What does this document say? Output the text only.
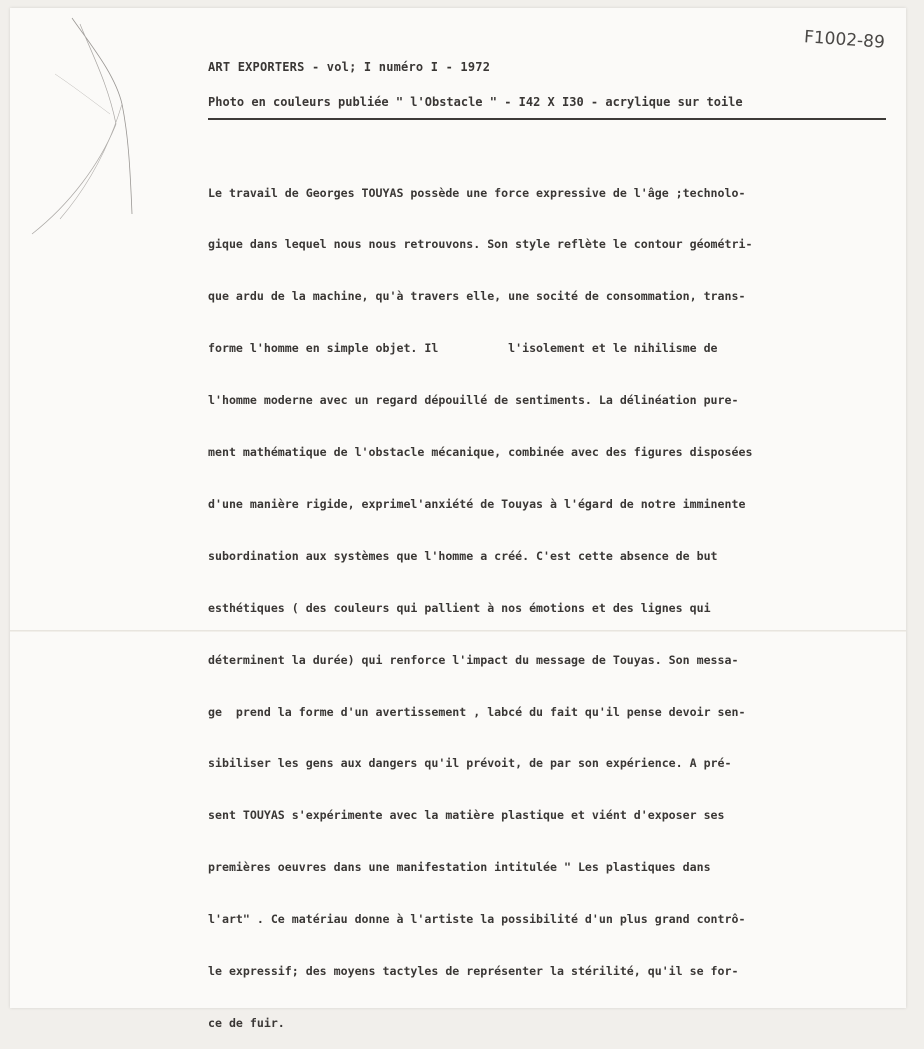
F1002-89
ART EXPORTERS - vol; I numéro I - 1972
Photo en couleurs publiée " l'Obstacle " - I42 X I30 - acrylique sur toile

Le travail de Georges TOUYAS possède une force expressive de l'âge ;technolo-

gique dans lequel nous nous retrouvons. Son style reflète le contour géométri-

que ardu de la machine, qu'à travers elle, une socité de consommation, trans-

forme l'homme en simple objet. Il          l'isolement et le nihilisme de

l'homme moderne avec un regard dépouillé de sentiments. La délinéation pure-

ment mathématique de l'obstacle mécanique, combinée avec des figures disposées

d'une manière rigide, exprimel'anxiété de Touyas à l'égard de notre imminente

subordination aux systèmes que l'homme a créé. C'est cette absence de but

esthétiques ( des couleurs qui pallient à nos émotions et des lignes qui

déterminent la durée) qui renforce l'impact du message de Touyas. Son messa-

ge  prend la forme d'un avertissement , labcé du fait qu'il pense devoir sen-

sibiliser les gens aux dangers qu'il prévoit, de par son expérience. A pré-

sent TOUYAS s'expérimente avec la matière plastique et viént d'exposer ses

premières oeuvres dans une manifestation intitulée " Les plastiques dans

l'art" . Ce matériau donne à l'artiste la possibilité d'un plus grand contrô-

le expressif; des moyens tactyles de représenter la stérilité, qu'il se for-

ce de fuir.
